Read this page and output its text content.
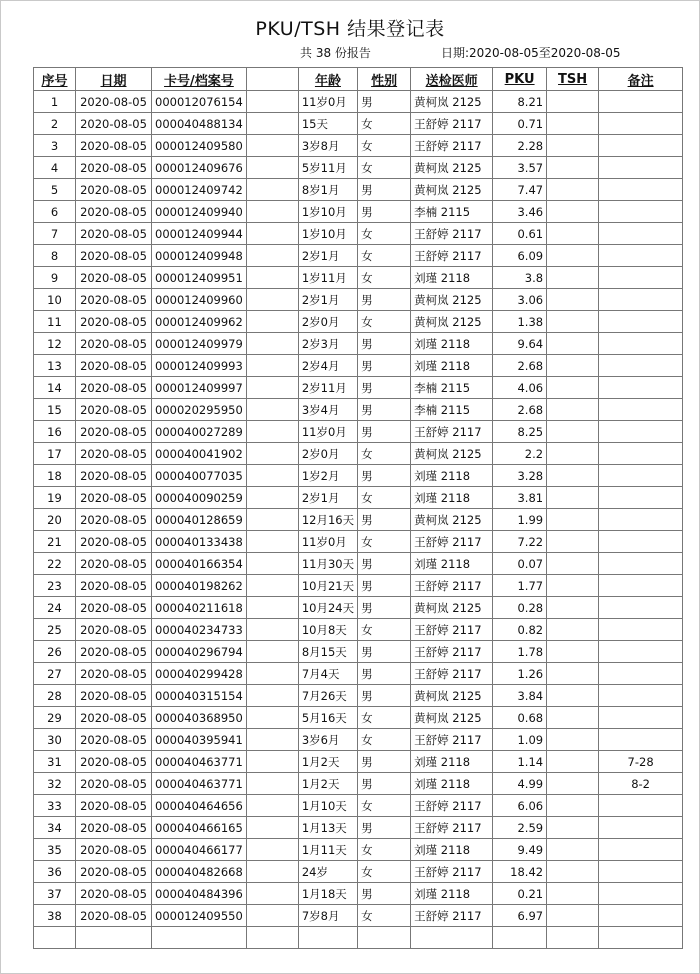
PKU/TSH 结果登记表
共 38 份报告	日期:2020-08-05至2020-08-05
序号	日期	卡号/档案号		年龄	性别	送检医师	PKU	TSH	备注
1	2020-08-05	000012076154		11岁0月	男	黄柯岚 2125	8.21		
2	2020-08-05	000040488134		15天	女	王舒婷 2117	0.71		
3	2020-08-05	000012409580		3岁8月	女	王舒婷 2117	2.28		
4	2020-08-05	000012409676		5岁11月	女	黄柯岚 2125	3.57		
5	2020-08-05	000012409742		8岁1月	男	黄柯岚 2125	7.47		
6	2020-08-05	000012409940		1岁10月	男	李楠 2115	3.46		
7	2020-08-05	000012409944		1岁10月	女	王舒婷 2117	0.61		
8	2020-08-05	000012409948		2岁1月	女	王舒婷 2117	6.09		
9	2020-08-05	000012409951		1岁11月	女	刘瑾 2118	3.8		
10	2020-08-05	000012409960		2岁1月	男	黄柯岚 2125	3.06		
11	2020-08-05	000012409962		2岁0月	女	黄柯岚 2125	1.38		
12	2020-08-05	000012409979		2岁3月	男	刘瑾 2118	9.64		
13	2020-08-05	000012409993		2岁4月	男	刘瑾 2118	2.68		
14	2020-08-05	000012409997		2岁11月	男	李楠 2115	4.06		
15	2020-08-05	000020295950		3岁4月	男	李楠 2115	2.68		
16	2020-08-05	000040027289		11岁0月	男	王舒婷 2117	8.25		
17	2020-08-05	000040041902		2岁0月	女	黄柯岚 2125	2.2		
18	2020-08-05	000040077035		1岁2月	男	刘瑾 2118	3.28		
19	2020-08-05	000040090259		2岁1月	女	刘瑾 2118	3.81		
20	2020-08-05	000040128659		12月16天	男	黄柯岚 2125	1.99		
21	2020-08-05	000040133438		11岁0月	女	王舒婷 2117	7.22		
22	2020-08-05	000040166354		11月30天	男	刘瑾 2118	0.07		
23	2020-08-05	000040198262		10月21天	男	王舒婷 2117	1.77		
24	2020-08-05	000040211618		10月24天	男	黄柯岚 2125	0.28		
25	2020-08-05	000040234733		10月8天	女	王舒婷 2117	0.82		
26	2020-08-05	000040296794		8月15天	男	王舒婷 2117	1.78		
27	2020-08-05	000040299428		7月4天	男	王舒婷 2117	1.26		
28	2020-08-05	000040315154		7月26天	男	黄柯岚 2125	3.84		
29	2020-08-05	000040368950		5月16天	女	黄柯岚 2125	0.68		
30	2020-08-05	000040395941		3岁6月	女	王舒婷 2117	1.09		
31	2020-08-05	000040463771		1月2天	男	刘瑾 2118	1.14		7-28
32	2020-08-05	000040463771		1月2天	男	刘瑾 2118	4.99		8-2
33	2020-08-05	000040464656		1月10天	女	王舒婷 2117	6.06		
34	2020-08-05	000040466165		1月13天	男	王舒婷 2117	2.59		
35	2020-08-05	000040466177		1月11天	女	刘瑾 2118	9.49		
36	2020-08-05	000040482668		24岁	女	王舒婷 2117	18.42		
37	2020-08-05	000040484396		1月18天	男	刘瑾 2118	0.21		
38	2020-08-05	000012409550		7岁8月	女	王舒婷 2117	6.97		
